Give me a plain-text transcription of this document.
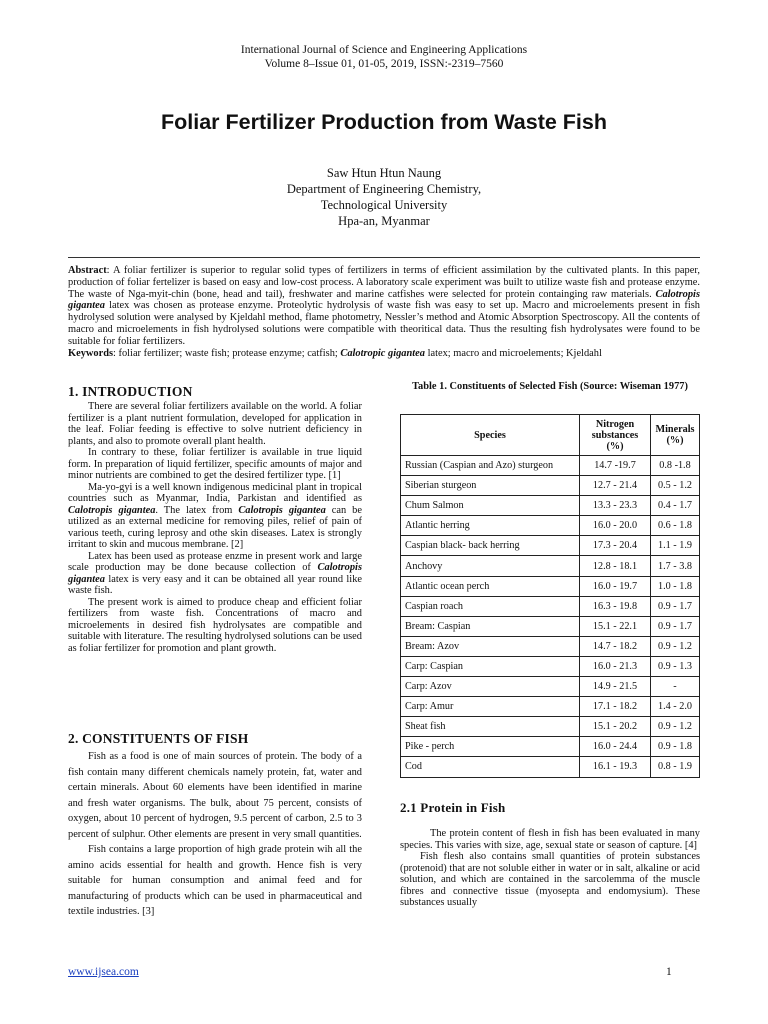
International Journal of Science and Engineering Applications
Volume 8–Issue 01, 01-05, 2019, ISSN:-2319–7560
Foliar Fertilizer Production from Waste Fish
Saw Htun Htun Naung
Department of Engineering Chemistry,
Technological University
Hpa-an, Myanmar
Abstract: A foliar fertilizer is superior to regular solid types of fertilizers in terms of efficient assimilation by the cultivated plants. In this paper, production of foliar fertelizer is based on easy and low-cost process. A laboratory scale experiment was built to utilize waste fish and protease enzyme. The waste of Nga-myit-chin (bone, head and tail), freshwater and marine catfishes were selected for protein containging raw materials. Calotropis gigantea latex was chosen as protease enzyme. Proteolytic hydrolysis of waste fish was easy to set up. Macro and microelements present in fish hydrolysed solution were analysed by Kjeldahl method, flame photometry, Nessler’s method and Atomic Absorption Spectroscopy. All the contents of macro and microelements in fish hydrolysed solutions were compatible with theoritical data. Thus the resulting fish hydrolysates were found to be suitable for foliar fertilizers.
Keywords: foliar fertilizer; waste fish; protease enzyme; catfish; Calotropic gigantea latex; macro and microelements; Kjeldahl
1. INTRODUCTION

There are several foliar fertilizers available on the world. A foliar fertilizer is a plant nutrient formulation, developed for application in the leaf. Foliar feeding is effective to solve nutrient deficiency in plants, and also to promote overall plant health.

In contrary to these, foliar fertilizer is available in true liquid form. In preparation of liquid fertilizer, specific amounts of major and minor nutrients are combined to get the desired fertilizer type. [1]

Ma-yo-gyi is a well known indigenous medicinal plant in tropical countries such as Myanmar, India, Parkistan and identified as Calotropis gigantea. The latex from Calotropis gigantea can be utilized as an external medicine for removing piles, relief of pain of various teeth, curing leprosy and othe skin diseases. Latex is strongly irritant to skin and mucous membrane. [2]

Latex has been used as protease enzme in present work and large scale production may be done because collection of Calotropis gigantea latex is very easy and it can be obtained all year round like waste fish.

The present work is aimed to produce cheap and efficient foliar fertilizers from waste fish. Concentrations of macro and microelements in desired fish hydrolysates are compatible and suitable with literature. The resulting hydrolysed solutions can be used as foliar fertilizer for promotion and plant growth.

2. CONSTITUENTS OF FISH

Fish as a food is one of main sources of protein. The body of a fish contain many different chemicals namely protein, fat, water and certain minerals. About 60 elements have been identified in marine and fresh water organisms. The bulk, about 75 percent, consists of oxygen, about 10 percent of hydrogen, 9.5 percent of carbon, 2.5 to 3 percent of sulphur. Other elements are present in very small quantities.

Fish contains a large proportion of high grade protein wih all the amino acids essential for health and growth. Hence fish is very suitable for human consumption and animal feed and for manufacturing of products which can be used in pharmaceutical and textile industries. [3]

Table 1. Constituents of Selected Fish (Source: Wiseman 1977)
Species	Nitrogen substances (%)	Minerals (%)
Russian (Caspian and Azo) sturgeon	14.7 -19.7	0.8 -1.8
Siberian sturgeon	12.7 - 21.4	0.5 - 1.2
Chum Salmon	13.3 - 23.3	0.4 - 1.7
Atlantic herring	16.0 - 20.0	0.6 - 1.8
Caspian black- back herring	17.3 - 20.4	1.1 - 1.9
Anchovy	12.8 - 18.1	1.7 - 3.8
Atlantic ocean perch	16.0 - 19.7	1.0 - 1.8
Caspian roach	16.3 - 19.8	0.9 - 1.7
Bream: Caspian	15.1 - 22.1	0.9 - 1.7
Bream: Azov	14.7 - 18.2	0.9 - 1.2
Carp: Caspian	16.0 - 21.3	0.9 - 1.3
Carp: Azov	14.9 - 21.5	-
Carp: Amur	17.1 - 18.2	1.4 - 2.0
Sheat fish	15.1 - 20.2	0.9 - 1.2
Pike - perch	16.0 - 24.4	0.9 - 1.8
Cod	16.1 - 19.3	0.8 - 1.9
2.1 Protein in Fish

The protein content of flesh in fish has been evaluated in many species. This varies with size, age, sexual state or season of capture. [4]

Fish flesh also contains small quantities of protein substances (protenoid) that are not soluble either in water or in salt, alkaline or acid solution, and which are contained in the sarcolemma of the muscle fibres and connective tissue (myosepta and endomysium). These substances usually

www.ijsea.com	1
